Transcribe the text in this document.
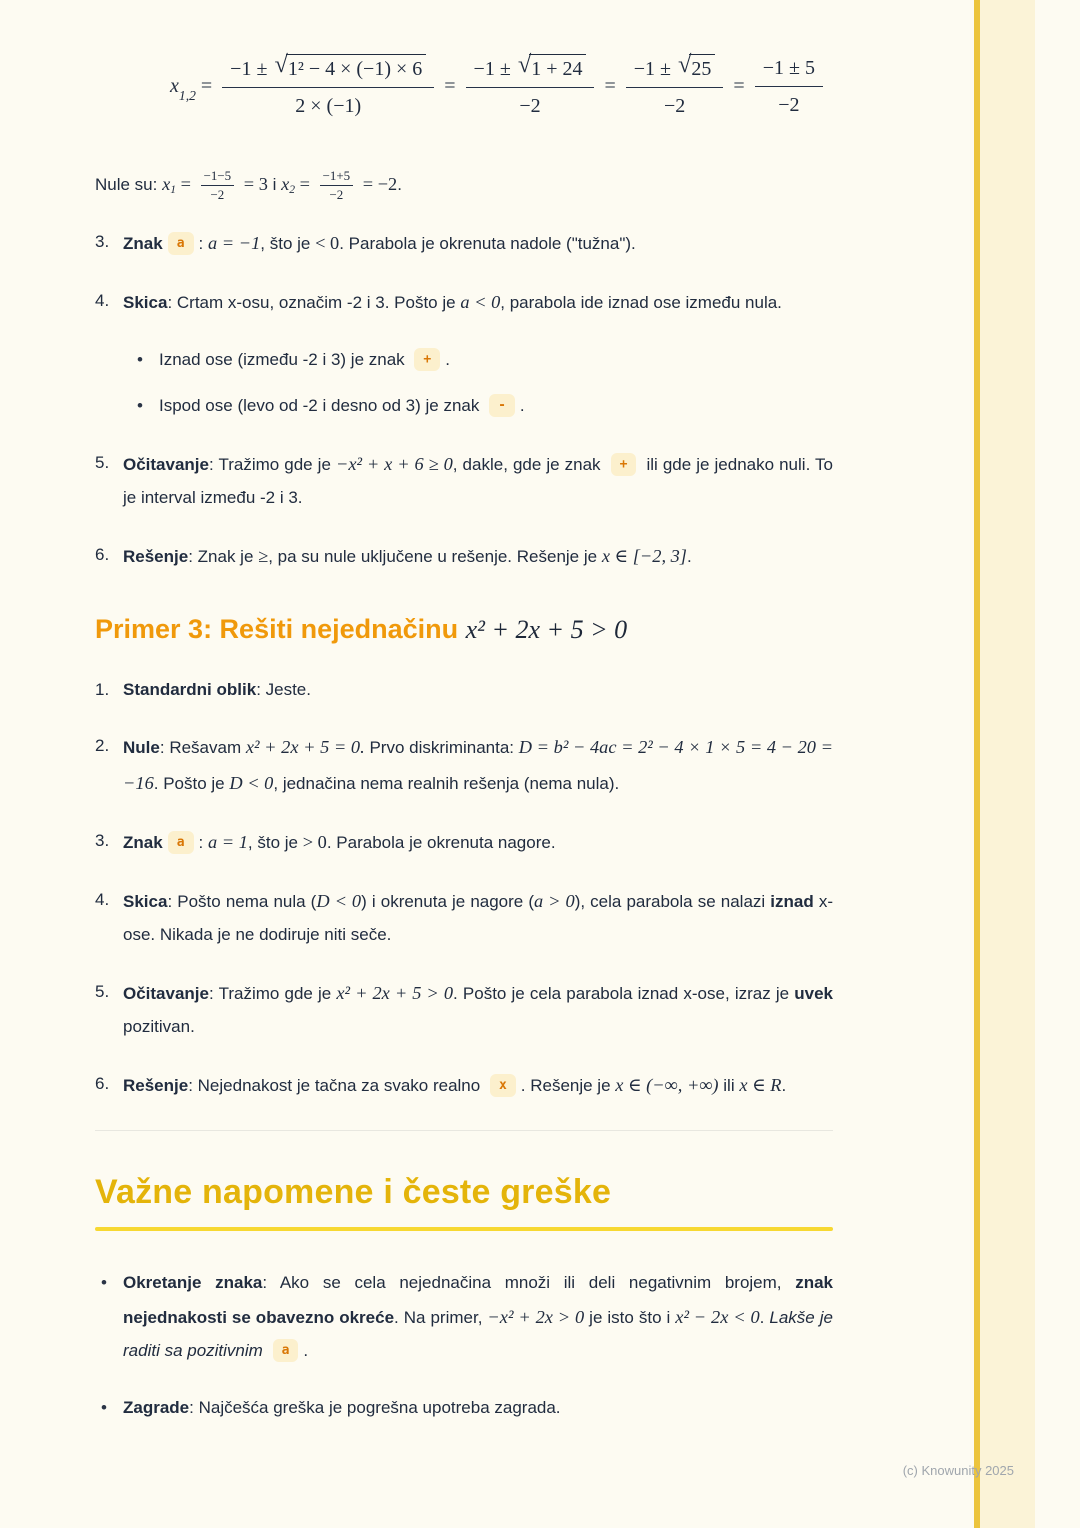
x $1,2 = \frac{\text{−1 ± √ 1² − 4 × (−1) × 6}}{2 \times (-1)} = \frac{-1 \pm √ 1 + 24}{-2} = \frac{-1 \pm √ 25}{-2} = \frac{-1 \pm 5}{-2}$
Nule su: $x1 = \frac{-1-5}{-2} = 3$ i $x2 = \frac{-1+5}{-2} = -2$.
3. Znak a : a = −1, što je < 0. Parabola je okrenuta nadole ("tužna").
4. Skica: Crtam x-osu, označim -2 i 3. Pošto je a < 0, parabola ide iznad ose između nula.
• Iznad ose (između -2 i 3) je znak + .
• Ispod ose (levo od -2 i desno od 3) je znak - .
5. Očitavanje: Tražimo gde je −x² + x + 6 ≥ 0, dakle, gde je znak + ili gde je jednako nuli. To je interval između -2 i 3.
6. Rešenje: Znak je ≥, pa su nule uključene u rešenje. Rešenje je x ∈ [−2, 3].
Primer 3: Rešiti nejednačinu x² + 2x + 5 > 0
1. Standardni oblik: Jeste.
2. Nule: Rešavam x² + 2x + 5 = 0. Prvo diskriminanta: D = b² − 4ac = 2² − 4 × 1 × 5 = 4 − 20 = −16. Pošto je D < 0, jednačina nema realnih rešenja (nema nula).
3. Znak a : a = 1, što je > 0. Parabola je okrenuta nagore.
4. Skica: Pošto nema nula (D < 0) i okrenuta je nagore (a > 0), cela parabola se nalazi iznad x-ose. Nikada je ne dodiruje niti seče.
5. Očitavanje: Tražimo gde je x² + 2x + 5 > 0. Pošto je cela parabola iznad x-ose, izraz je uvek pozitivan.
6. Rešenje: Nejednakost je tačna za svako realno x . Rešenje je x ∈ (−∞, +∞) ili x ∈ R.
Važne napomene i česte greške
• Okretanje znaka: Ako se cela nejednačina množi ili deli negativnim brojem, znak nejednakosti se obavezno okreće. Na primer, −x² + 2x > 0 je isto što i x² − 2x < 0. Lakše je raditi sa pozitivnim a .
• Zagrade: Najčešća greška je pogrešna upotreba zagrada.
(c) Knowunity 2025
